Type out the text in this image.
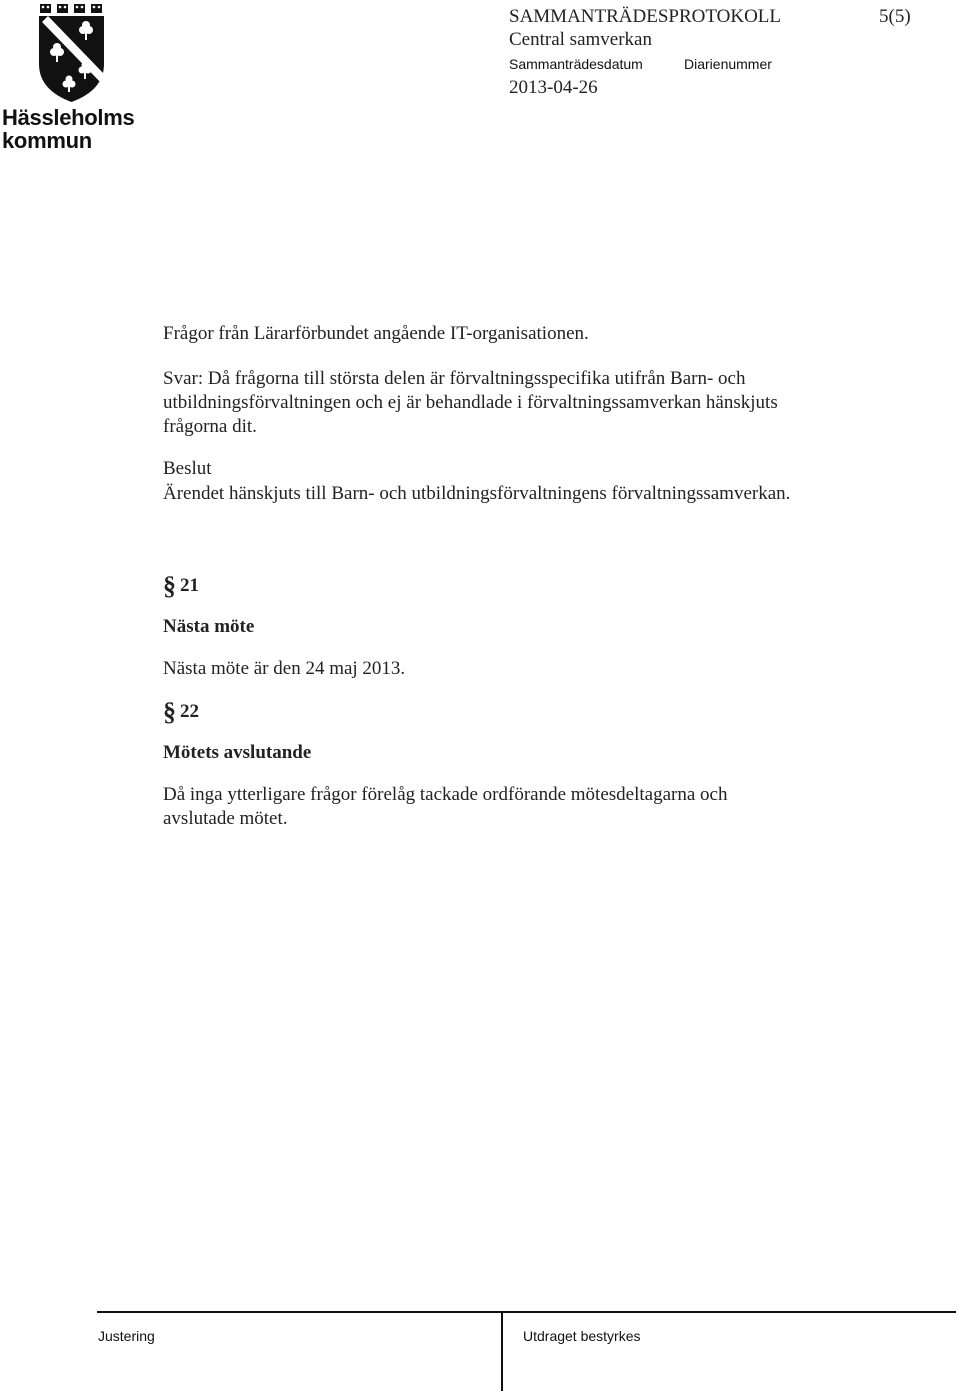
Hässleholms
kommun
SAMMANTRÄDESPROTOKOLL	5(5)
Central samverkan
Sammanträdesdatum	Diarienummer
2013-04-26
Frågor från Lärarförbundet angående IT-organisationen.
Svar: Då frågorna till största delen är förvaltningsspecifika utifrån Barn- och
utbildningsförvaltningen och ej är behandlade i förvaltningssamverkan hänskjuts
frågorna dit.
Beslut
Ärendet hänskjuts till Barn- och utbildningsförvaltningens förvaltningssamverkan.
§ 21
Nästa möte
Nästa möte är den 24 maj 2013.
§ 22
Mötets avslutande
Då inga ytterligare frågor förelåg tackade ordförande mötesdeltagarna och
avslutade mötet.
Justering	Utdraget bestyrkes
